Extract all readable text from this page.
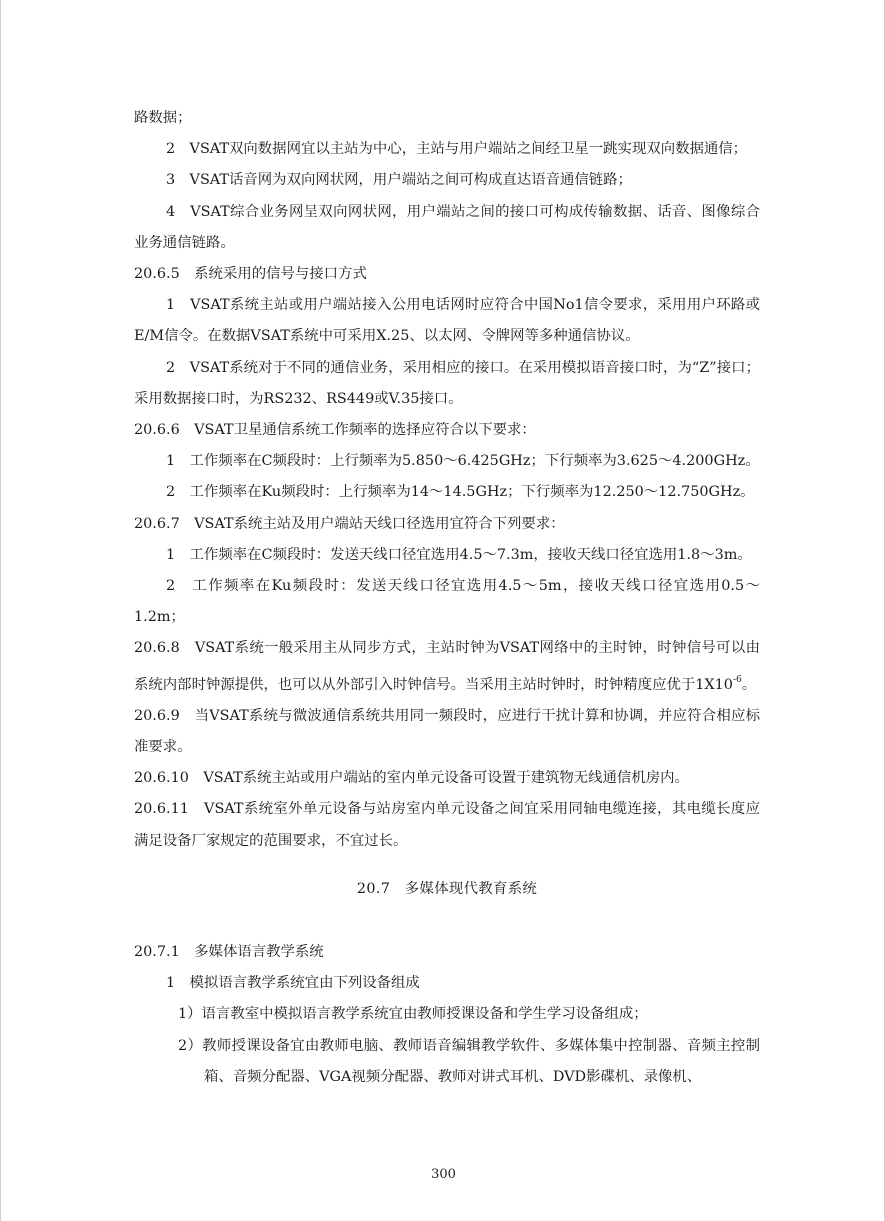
路数据；

2　VSAT双向数据网宜以主站为中心，主站与用户端站之间经卫星一跳实现双向数据通信；

3　VSAT话音网为双向网状网，用户端站之间可构成直达语音通信链路；

4　VSAT综合业务网呈双向网状网，用户端站之间的接口可构成传输数据、话音、图像综合业务通信链路。

20.6.5　系统采用的信号与接口方式

1　VSAT系统主站或用户端站接入公用电话网时应符合中国No1信令要求，采用用户环路或E/M信令。在数据VSAT系统中可采用X.25、以太网、令牌网等多种通信协议。

2　VSAT系统对于不同的通信业务，采用相应的接口。在采用模拟语音接口时，为“Z”接口；采用数据接口时，为RS232、RS449或V.35接口。

20.6.6　VSAT卫星通信系统工作频率的选择应符合以下要求：

1　工作频率在C频段时：上行频率为5.850～6.425GHz；下行频率为3.625～4.200GHz。

2　工作频率在Ku频段时：上行频率为14～14.5GHz；下行频率为12.250～12.750GHz。

20.6.7　VSAT系统主站及用户端站天线口径选用宜符合下列要求：

1　工作频率在C频段时：发送天线口径宜选用4.5～7.3m，接收天线口径宜选用1.8～3m。

2　工作频率在Ku频段时：发送天线口径宜选用4.5～5m，接收天线口径宜选用0.5～1.2m；

20.6.8　VSAT系统一般采用主从同步方式，主站时钟为VSAT网络中的主时钟，时钟信号可以由系统内部时钟源提供，也可以从外部引入时钟信号。当采用主站时钟时，时钟精度应优于$1X10^{-6}$。

20.6.9　当VSAT系统与微波通信系统共用同一频段时，应进行干扰计算和协调，并应符合相应标准要求。

20.6.10　VSAT系统主站或用户端站的室内单元设备可设置于建筑物无线通信机房内。

20.6.11　VSAT系统室外单元设备与站房室内单元设备之间宜采用同轴电缆连接，其电缆长度应满足设备厂家规定的范围要求，不宜过长。

20.7　多媒体现代教育系统

20.7.1　多媒体语言教学系统

1　模拟语言教学系统宜由下列设备组成

1）语言教室中模拟语言教学系统宜由教师授课设备和学生学习设备组成；

2）教师授课设备宜由教师电脑、教师语音编辑教学软件、多媒体集中控制器、音频主控制箱、音频分配器、VGA视频分配器、教师对讲式耳机、DVD影碟机、录像机、

300
